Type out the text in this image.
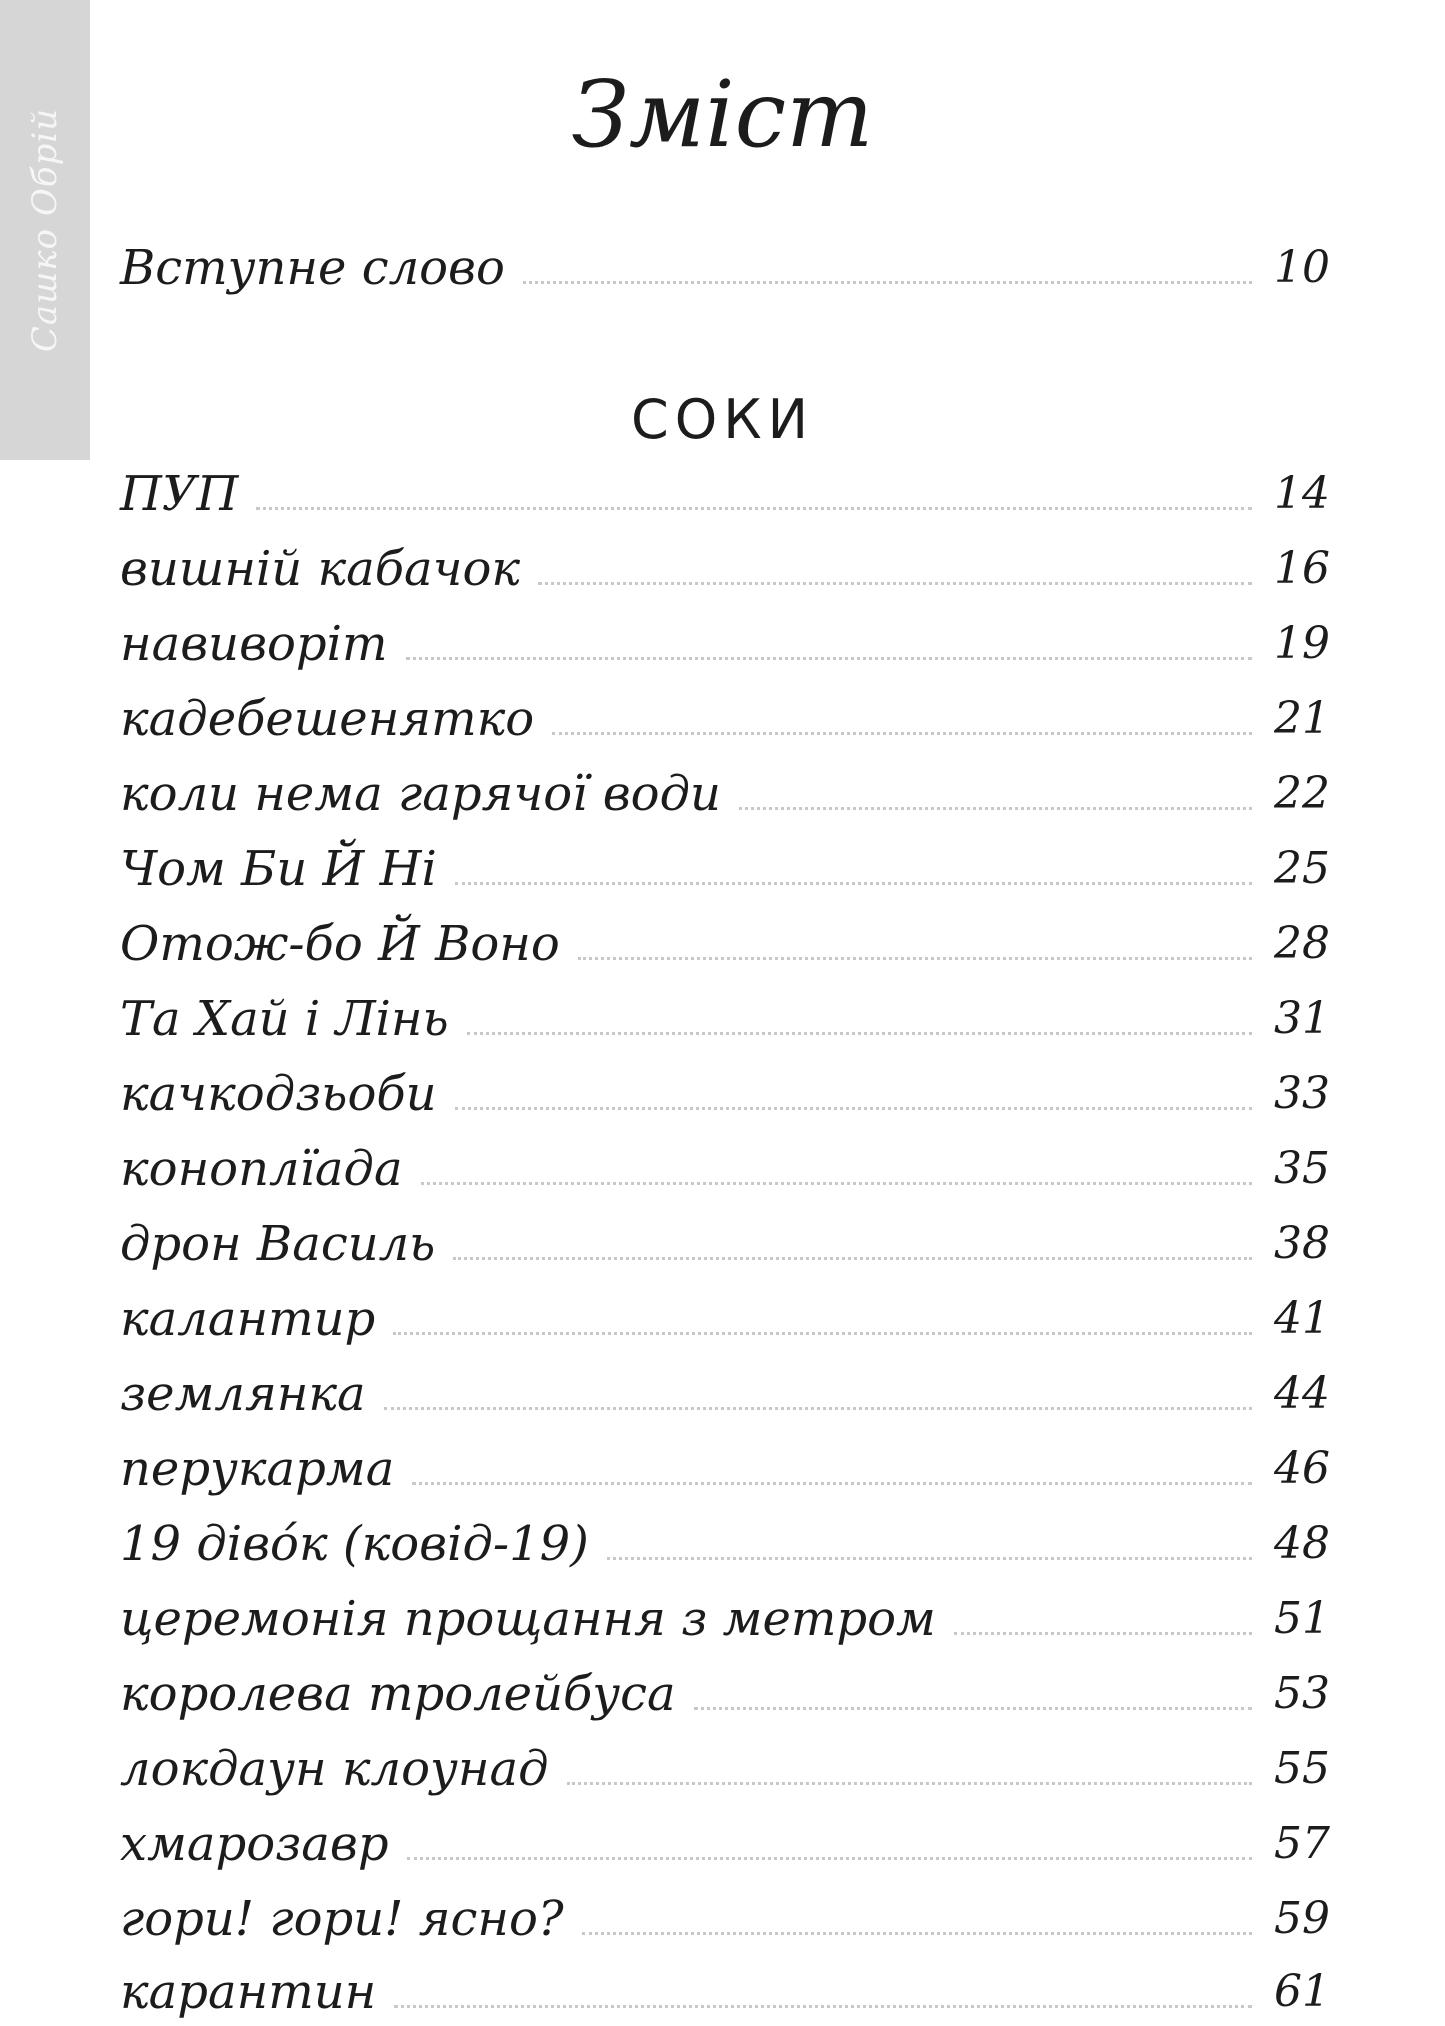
Сашко Обрій	Зміст
Вступне слово	10
СОКИ
ПУП	14
вишній кабачок	16
навиворіт	19
кадебешенятко	21
коли нема гарячої води	22
Чом Би Й Ні	25
Отож-бо Й Воно	28
Та Хай і Лінь	31
качкодзьоби	33
коноплїада	35
дрон Василь	38
калантир	41
землянка	44
перукарма	46
19 дівóк (ковід-19)	48
церемонія прощання з метром	51
королева тролейбуса	53
локдаун клоунад	55
хмарозавр	57
гори! гори! ясно?	59
карантин	61
